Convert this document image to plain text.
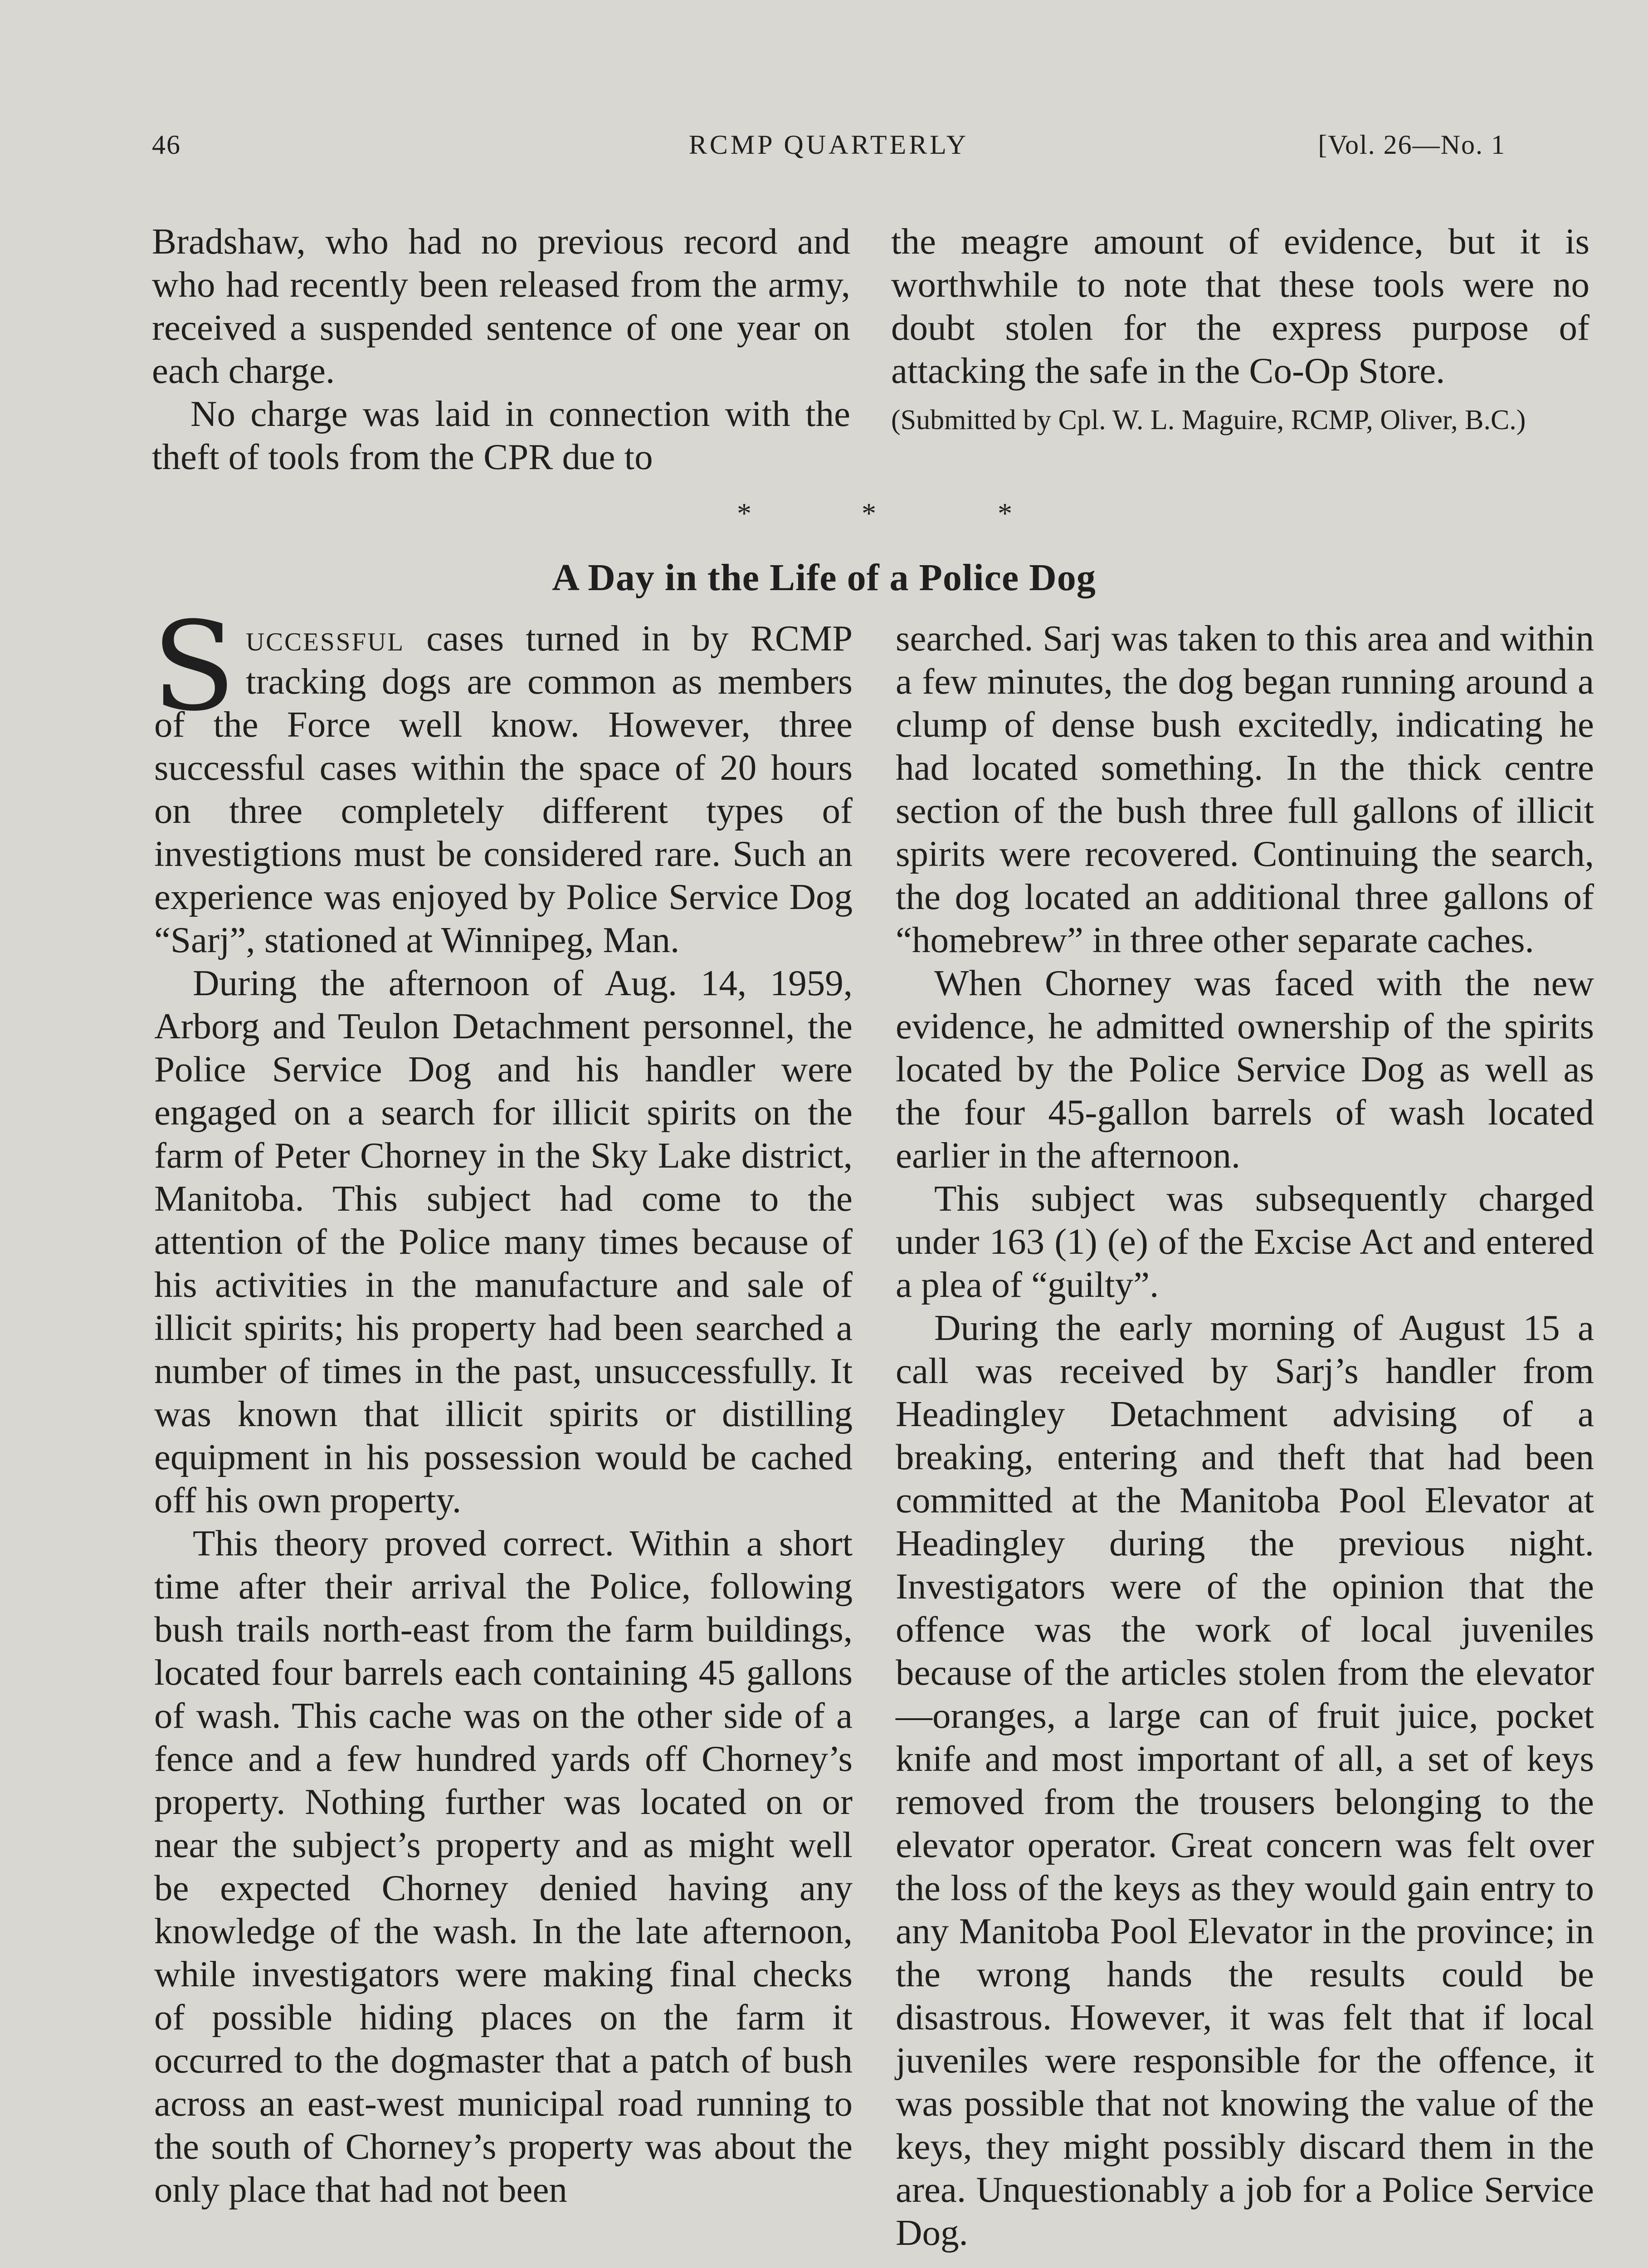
46	RCMP QUARTERLY	[Vol. 26—No. 1

Bradshaw, who had no previous record and who had recently been released from the army, received a suspended sentence of one year on each charge.

No charge was laid in connection with the theft of tools from the CPR due to

the meagre amount of evidence, but it is worthwhile to note that these tools were no doubt stolen for the express purpose of attacking the safe in the Co-Op Store.

(Submitted by Cpl. W. L. Maguire, RCMP, Oliver, B.C.)

*	*	*
A Day in the Life of a Police Dog

Successful cases turned in by RCMP tracking dogs are common as members of the Force well know. However, three successful cases within the space of 20 hours on three completely different types of investigtions must be considered rare. Such an experience was enjoyed by Police Service Dog “Sarj”, stationed at Winnipeg, Man.

During the afternoon of Aug. 14, 1959, Arborg and Teulon Detachment personnel, the Police Service Dog and his handler were engaged on a search for illicit spirits on the farm of Peter Chorney in the Sky Lake district, Manitoba. This subject had come to the attention of the Police many times because of his activities in the manufacture and sale of illicit spirits; his property had been searched a number of times in the past, unsuccessfully. It was known that illicit spirits or distilling equipment in his possession would be cached off his own property.

This theory proved correct. Within a short time after their arrival the Police, following bush trails north-east from the farm buildings, located four barrels each containing 45 gallons of wash. This cache was on the other side of a fence and a few hundred yards off Chorney’s property. Nothing further was located on or near the subject’s property and as might well be expected Chorney denied having any knowledge of the wash. In the late afternoon, while investigators were making final checks of possible hiding places on the farm it occurred to the dogmaster that a patch of bush across an east-west municipal road running to the south of Chorney’s property was about the only place that had not been

searched. Sarj was taken to this area and within a few minutes, the dog began running around a clump of dense bush excitedly, indicating he had located something. In the thick centre section of the bush three full gallons of illicit spirits were recovered. Continuing the search, the dog located an additional three gallons of “homebrew” in three other separate caches.

When Chorney was faced with the new evidence, he admitted ownership of the spirits located by the Police Service Dog as well as the four 45-gallon barrels of wash located earlier in the afternoon.

This subject was subsequently charged under 163 (1) (e) of the Excise Act and entered a plea of “guilty”.

During the early morning of August 15 a call was received by Sarj’s handler from Headingley Detachment advising of a breaking, entering and theft that had been committed at the Manitoba Pool Elevator at Headingley during the previous night. Investigators were of the opinion that the offence was the work of local juveniles because of the articles stolen from the elevator—oranges, a large can of fruit juice, pocket knife and most important of all, a set of keys removed from the trousers belonging to the elevator operator. Great concern was felt over the loss of the keys as they would gain entry to any Manitoba Pool Elevator in the province; in the wrong hands the results could be disastrous. However, it was felt that if local juveniles were responsible for the offence, it was possible that not knowing the value of the keys, they might possibly discard them in the area. Unquestionably a job for a Police Service Dog.
